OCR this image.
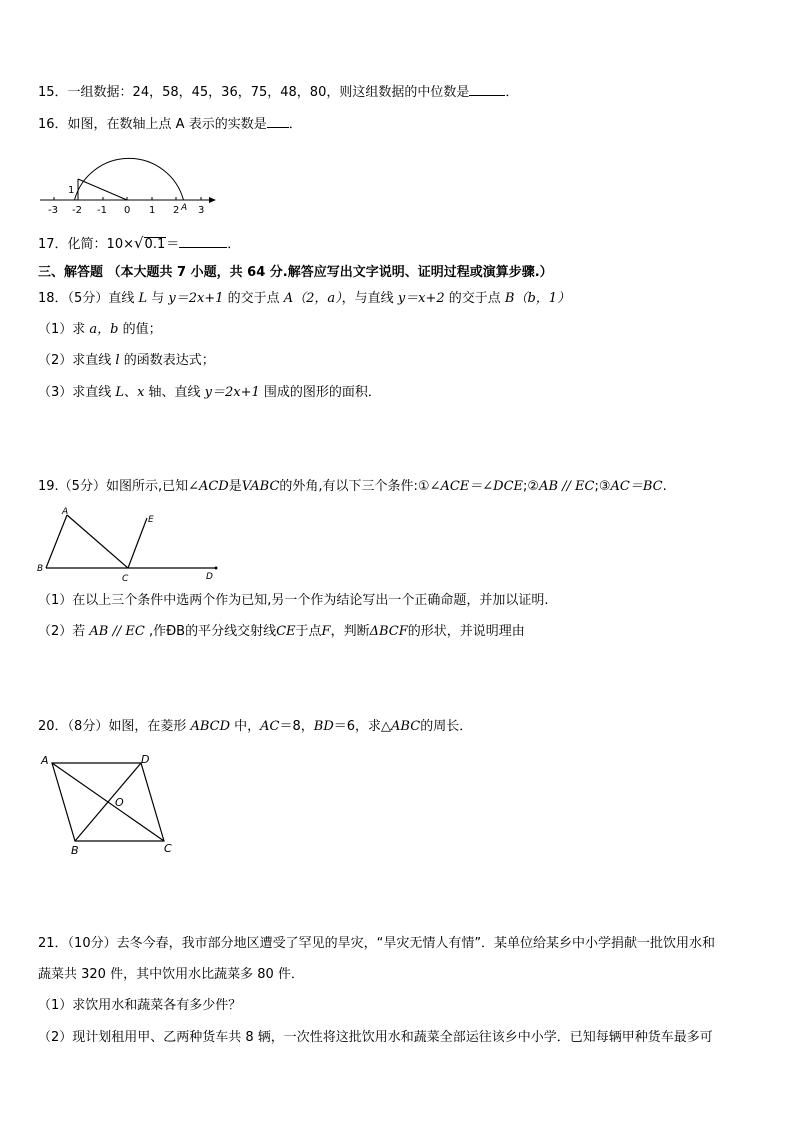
15．一组数据：24，58，45，36，75，48，80，则这组数据的中位数是	．
16．如图，在数轴上点 A 表示的实数是 ．
-3 -2 -1 0 1 2 3
1
A
17．化简：10×√0.1＝	．
三、解答题 （本大题共 7 小题，共 64 分.解答应写出文字说明、证明过程或演算步骤.）
18．（5分）直线 L 与 y＝2x+1 的交于点 A（2，a），与直线 y＝x+2 的交于点 B（b，1）
（1）求 a，b 的值；
（2）求直线 l 的函数表达式；
（3）求直线 L、x 轴、直线 y＝2x+1 围成的图形的面积．
19.（5分）如图所示,已知∠ACD是VABC的外角,有以下三个条件:①∠ACE＝∠DCE;②AB // EC;③AC＝BC.
A
E
B
C	D
（1）在以上三个条件中选两个作为已知,另一个作为结论写出一个正确命题，并加以证明.
（2）若 AB // EC ,作ÐB的平分线交射线CE于点F，判断ΔBCF的形状，并说明理由
20．（8分）如图，在菱形 ABCD 中，AC＝8，BD＝6，求△ABC的周长．
A	D
O
B	C
21．（10分）去冬今春，我市部分地区遭受了罕见的旱灾，“旱灾无情人有情”．某单位给某乡中小学捐献一批饮用水和
蔬菜共 320 件，其中饮用水比蔬菜多 80 件．
（1）求饮用水和蔬菜各有多少件？
（2）现计划租用甲、乙两种货车共 8 辆，一次性将这批饮用水和蔬菜全部运往该乡中小学．已知每辆甲种货车最多可
